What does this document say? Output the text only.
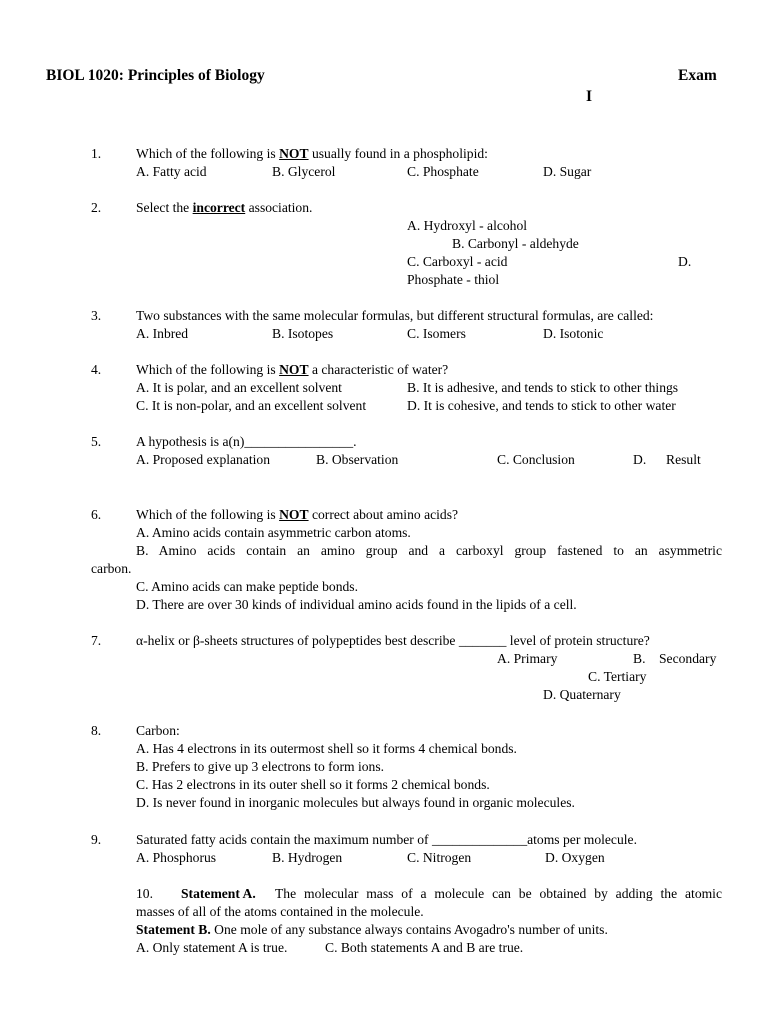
BIOL 1020: Principles of Biology	Exam
I
1.	Which of the following is NOT usually found in a phospholipid:
A. Fatty acid	B. Glycerol	C. Phosphate	D. Sugar
2.	Select the incorrect association.
A. Hydroxyl - alcohol
B. Carbonyl - aldehyde
C. Carboxyl - acid	D.
Phosphate - thiol
3.	Two substances with the same molecular formulas, but different structural formulas, are called:
A. Inbred	B. Isotopes	C. Isomers	D. Isotonic
4.	Which of the following is NOT a characteristic of water?
A. It is polar, and an excellent solvent	B. It is adhesive, and tends to stick to other things
C. It is non-polar, and an excellent solvent	D. It is cohesive, and tends to stick to other water
5.	A hypothesis is a(n)________________.
A. Proposed explanation	B. Observation	C. Conclusion	D. Result
6.	Which of the following is NOT correct about amino acids?
A. Amino acids contain asymmetric carbon atoms.
B. Amino acids contain an amino group and a carboxyl group fastened to an asymmetric
carbon.
C. Amino acids can make peptide bonds.
D. There are over 30 kinds of individual amino acids found in the lipids of a cell.
7.	α-helix or β-sheets structures of polypeptides best describe _______ level of protein structure?
A. Primary	B. Secondary
C. Tertiary
D. Quaternary
8.	Carbon:
A. Has 4 electrons in its outermost shell so it forms 4 chemical bonds.
B. Prefers to give up 3 electrons to form ions.
C. Has 2 electrons in its outer shell so it forms 2 chemical bonds.
D. Is never found in inorganic molecules but always found in organic molecules.
9.	Saturated fatty acids contain the maximum number of ______________atoms per molecule.
A. Phosphorus	B. Hydrogen	C. Nitrogen	D. Oxygen
10. Statement A. The molecular mass of a molecule can be obtained by adding the atomic
masses of all of the atoms contained in the molecule.
Statement B. One mole of any substance always contains Avogadro's number of units.
A. Only statement A is true.	C. Both statements A and B are true.
